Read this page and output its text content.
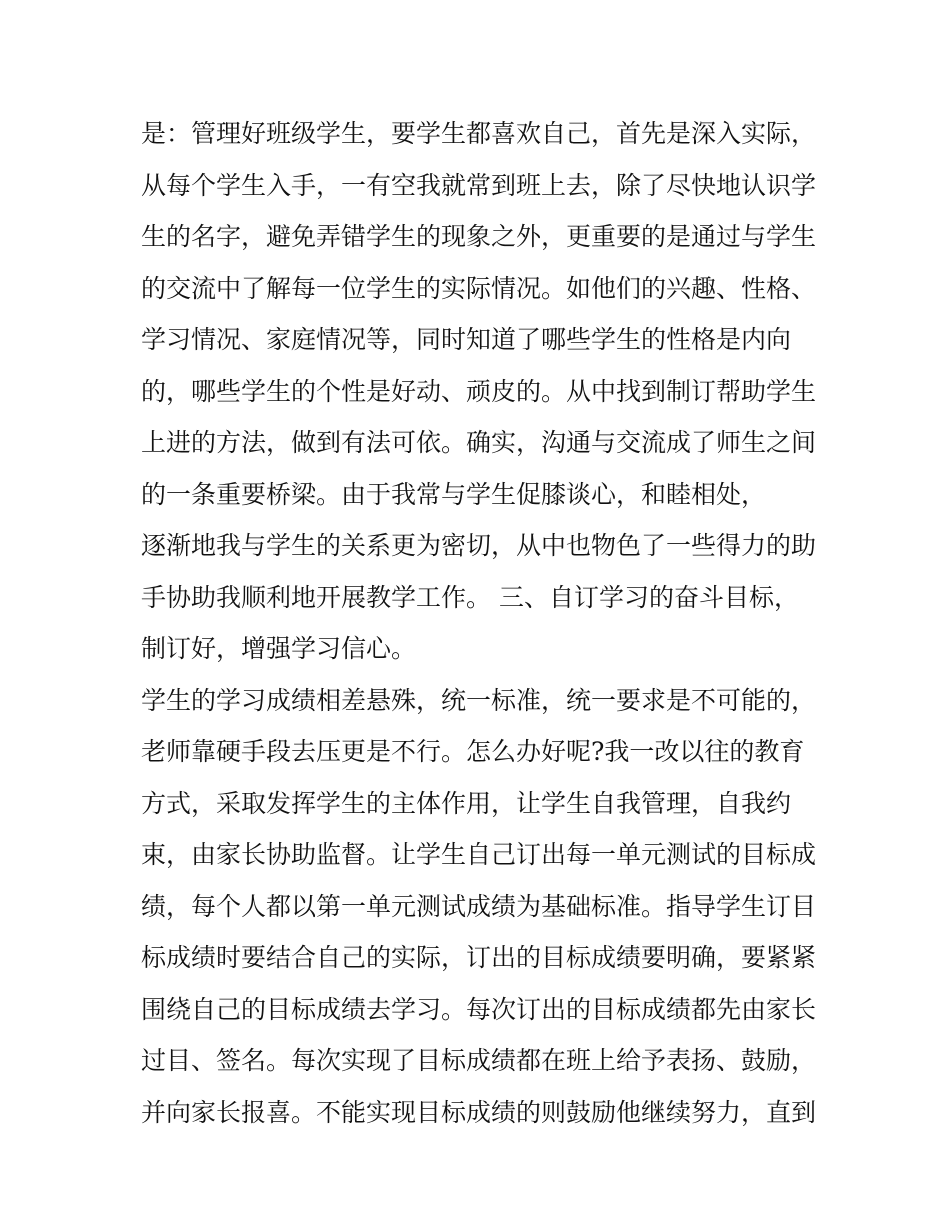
是：管理好班级学生，要学生都喜欢自己，首先是深入实际，
从每个学生入手，一有空我就常到班上去，除了尽快地认识学
生的名字，避免弄错学生的现象之外，更重要的是通过与学生
的交流中了解每一位学生的实际情况。如他们的兴趣、性格、
学习情况、家庭情况等，同时知道了哪些学生的性格是内向
的，哪些学生的个性是好动、顽皮的。从中找到制订帮助学生
上进的方法，做到有法可依。确实，沟通与交流成了师生之间
的一条重要桥梁。由于我常与学生促膝谈心，和睦相处，
逐渐地我与学生的关系更为密切，从中也物色了一些得力的助
手协助我顺利地开展教学工作。 三、自订学习的奋斗目标，
制订好，增强学习信心。
学生的学习成绩相差悬殊，统一标准，统一要求是不可能的，
老师靠硬手段去压更是不行。怎么办好呢?我一改以往的教育
方式，采取发挥学生的主体作用，让学生自我管理，自我约
束，由家长协助监督。让学生自己订出每一单元测试的目标成
绩，每个人都以第一单元测试成绩为基础标准。指导学生订目
标成绩时要结合自己的实际，订出的目标成绩要明确，要紧紧
围绕自己的目标成绩去学习。每次订出的目标成绩都先由家长
过目、签名。每次实现了目标成绩都在班上给予表扬、鼓励，
并向家长报喜。不能实现目标成绩的则鼓励他继续努力，直到
